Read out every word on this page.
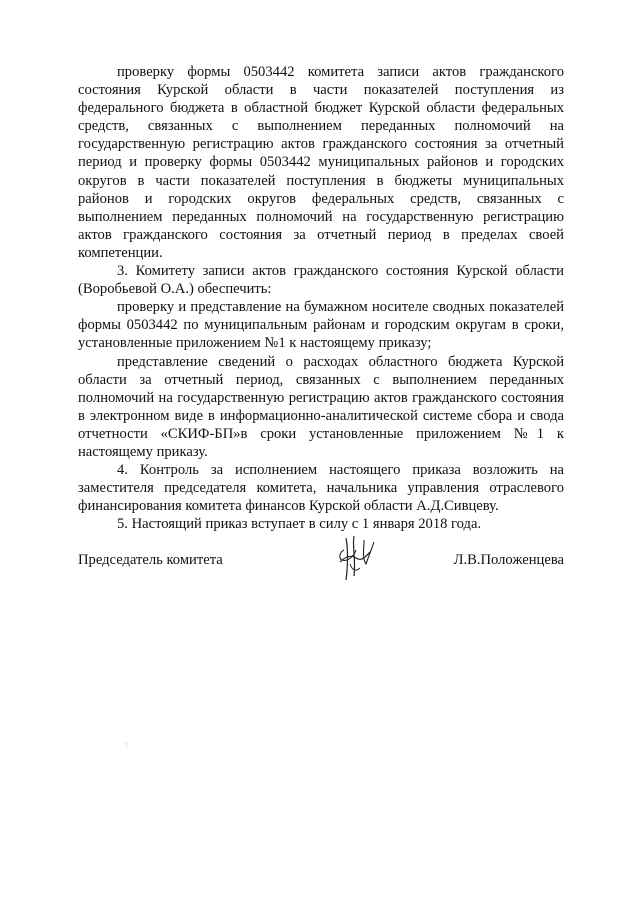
проверку формы 0503442 комитета записи актов гражданского состояния Курской области в части показателей поступления из федерального бюджета в областной бюджет Курской области федеральных средств, связанных с выполнением переданных полномочий на государственную регистрацию актов гражданского состояния за отчетный период и проверку формы 0503442 муниципальных районов и городских округов в части показателей поступления в бюджеты муниципальных районов и городских округов федеральных средств, связанных с выполнением переданных полномочий на государственную регистрацию актов гражданского состояния за отчетный период в пределах своей компетенции.

3. Комитету записи актов гражданского состояния Курской области (Воробьевой О.А.) обеспечить:

проверку и представление на бумажном носителе сводных показателей формы 0503442 по муниципальным районам и городским округам в сроки, установленные приложением №1 к настоящему приказу;

представление сведений о расходах областного бюджета Курской области за отчетный период, связанных с выполнением переданных полномочий на государственную регистрацию актов гражданского состояния в электронном виде в информационно-аналитической системе сбора и свода отчетности «СКИФ-БП»в сроки установленные приложением №1 к настоящему приказу.

4. Контроль за исполнением настоящего приказа возложить на заместителя председателя комитета, начальника управления отраслевого финансирования комитета финансов Курской области А.Д.Сивцеву.

5. Настоящий приказ вступает в силу с 1 января 2018 года.

Председатель комитета	Л.В.Положенцева
